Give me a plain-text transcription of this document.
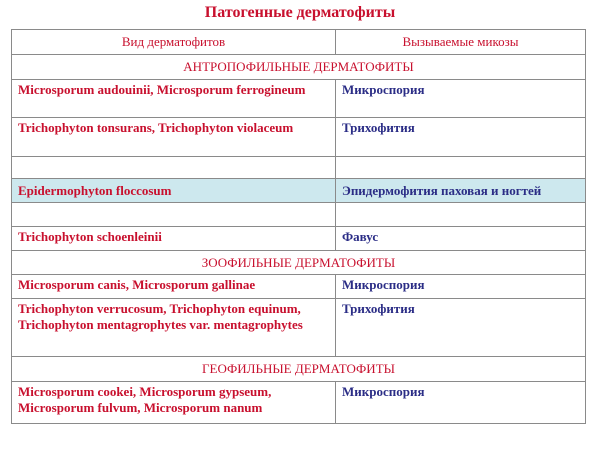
Патогенные дерматофиты
Вид дерматофитов	Вызываемые микозы
АНТРОПОФИЛЬНЫЕ ДЕРМАТОФИТЫ	
Microsporum audouinii, Microsporum ferrogineum	Микроспория
Trichophyton tonsurans, Trichophyton violaceum	Трихофития

Epidermophyton floccosum	Эпидермофития паховая и ногтей

Trichophyton schoenleinii	Фавус
ЗООФИЛЬНЫЕ ДЕРМАТОФИТЫ	
Microsporum canis, Microsporum gallinae	Микроспория
Trichophyton verrucosum, Trichophyton equinum, Trichophyton mentagrophytes var. mentagrophytes	Трихофития
ГЕОФИЛЬНЫЕ ДЕРМАТОФИТЫ	
Microsporum cookei, Microsporum gypseum, Microsporum fulvum, Microsporum nanum	Микроспория
